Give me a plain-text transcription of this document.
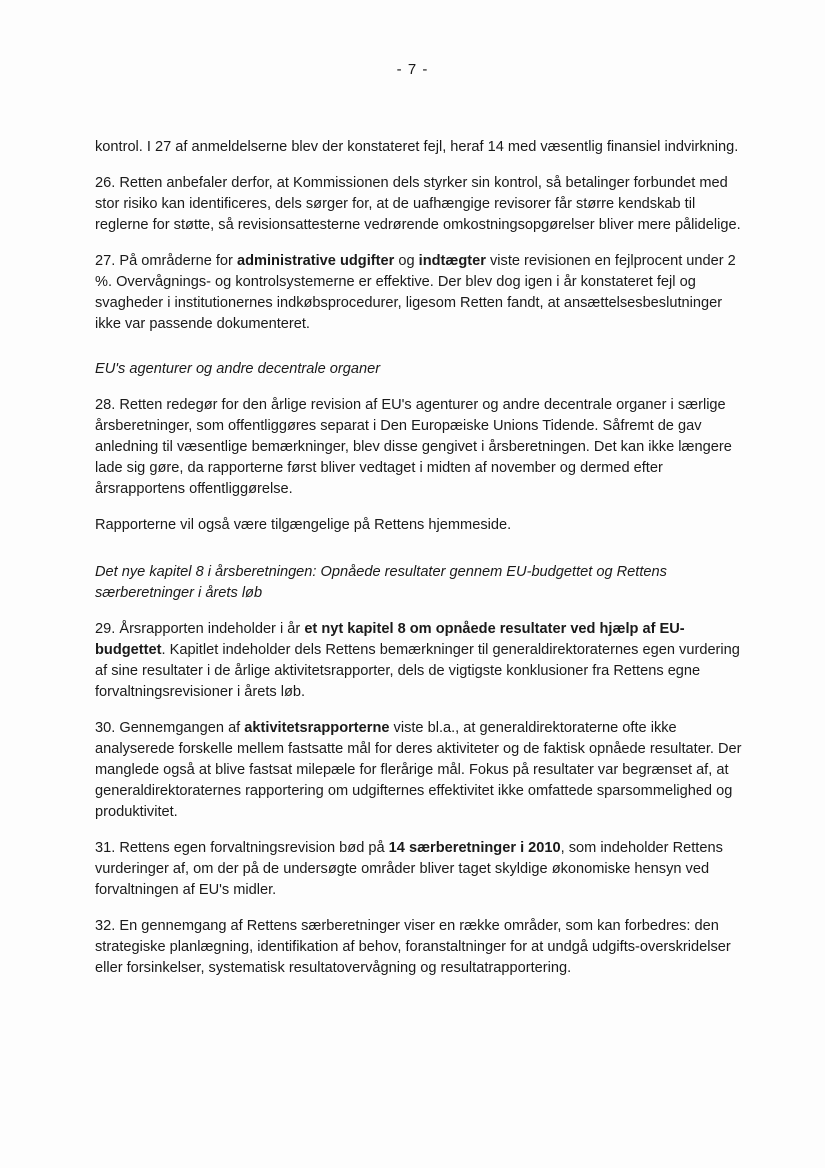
- 7 -

kontrol. I 27 af anmeldelserne blev der konstateret fejl, heraf 14 med væsentlig finansiel indvirkning.

26. Retten anbefaler derfor, at Kommissionen dels styrker sin kontrol, så betalinger forbundet med stor risiko kan identificeres, dels sørger for, at de uafhængige revisorer får større kendskab til reglerne for støtte, så revisionsattesterne vedrørende omkostningsopgørelser bliver mere pålidelige.

27. På områderne for administrative udgifter og indtægter viste revisionen en fejlprocent under 2 %. Overvågnings- og kontrolsystemerne er effektive. Der blev dog igen i år konstateret fejl og svagheder i institutionernes indkøbsprocedurer, ligesom Retten fandt, at ansættelsesbeslutninger ikke var passende dokumenteret.

EU's agenturer og andre decentrale organer

28. Retten redegør for den årlige revision af EU's agenturer og andre decentrale organer i særlige årsberetninger, som offentliggøres separat i Den Europæiske Unions Tidende. Såfremt de gav anledning til væsentlige bemærkninger, blev disse gengivet i årsberetningen. Det kan ikke længere lade sig gøre, da rapporterne først bliver vedtaget i midten af november og dermed efter årsrapportens offentliggørelse.

Rapporterne vil også være tilgængelige på Rettens hjemmeside.

Det nye kapitel 8 i årsberetningen: Opnåede resultater gennem EU-budgettet og Rettens særberetninger i årets løb

29. Årsrapporten indeholder i år et nyt kapitel 8 om opnåede resultater ved hjælp af EU-budgettet. Kapitlet indeholder dels Rettens bemærkninger til generaldirektoraternes egen vurdering af sine resultater i de årlige aktivitetsrapporter, dels de vigtigste konklusioner fra Rettens egne forvaltningsrevisioner i årets løb.

30. Gennemgangen af aktivitetsrapporterne viste bl.a., at generaldirektoraterne ofte ikke analyserede forskelle mellem fastsatte mål for deres aktiviteter og de faktisk opnåede resultater. Der manglede også at blive fastsat milepæle for flerårige mål. Fokus på resultater var begrænset af, at generaldirektoraternes rapportering om udgifternes effektivitet ikke omfattede sparsommelighed og produktivitet.

31. Rettens egen forvaltningsrevision bød på 14 særberetninger i 2010, som indeholder Rettens vurderinger af, om der på de undersøgte områder bliver taget skyldige økonomiske hensyn ved forvaltningen af EU's midler.

32. En gennemgang af Rettens særberetninger viser en række områder, som kan forbedres: den strategiske planlægning, identifikation af behov, foranstaltninger for at undgå udgifts-overskridelser eller forsinkelser, systematisk resultatovervågning og resultatrapportering.
